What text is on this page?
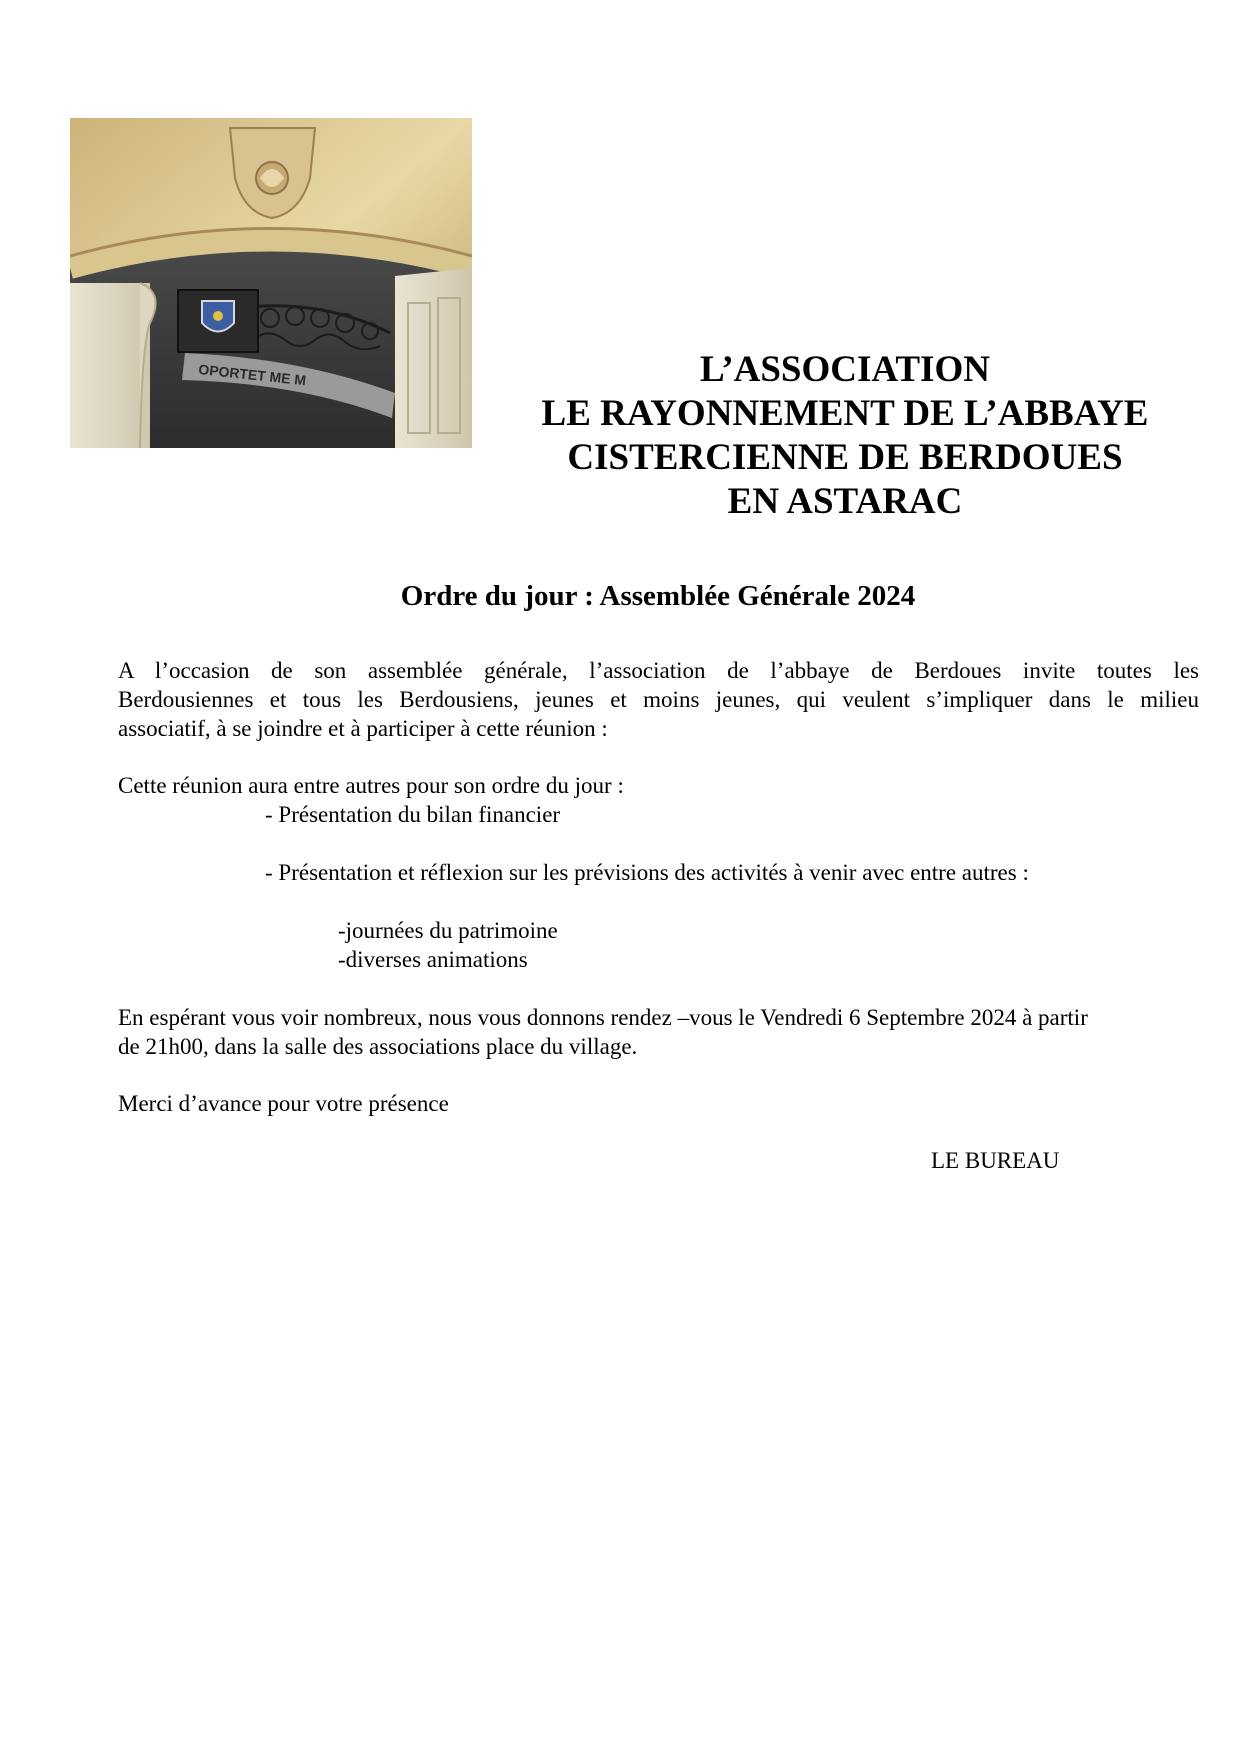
OPORTET ME M	L’ASSOCIATION
LE RAYONNEMENT DE L’ABBAYE
CISTERCIENNE DE BERDOUES
EN ASTARAC
Ordre du jour : Assemblée Générale 2024
A l’occasion de son assemblée générale, l’association de l’abbaye de Berdoues invite toutes les
Berdousiennes et tous les Berdousiens, jeunes et moins jeunes, qui veulent s’impliquer dans le milieu
associatif, à se joindre et à participer à cette réunion :
Cette réunion aura entre autres pour son ordre du jour :
- Présentation du bilan financier
- Présentation et réflexion sur les prévisions des activités à venir avec entre autres :
-journées du patrimoine
-diverses animations
En espérant vous voir nombreux, nous vous donnons rendez –vous le Vendredi 6 Septembre 2024 à partir
de 21h00, dans la salle des associations place du village.
Merci d’avance pour votre présence
LE BUREAU
